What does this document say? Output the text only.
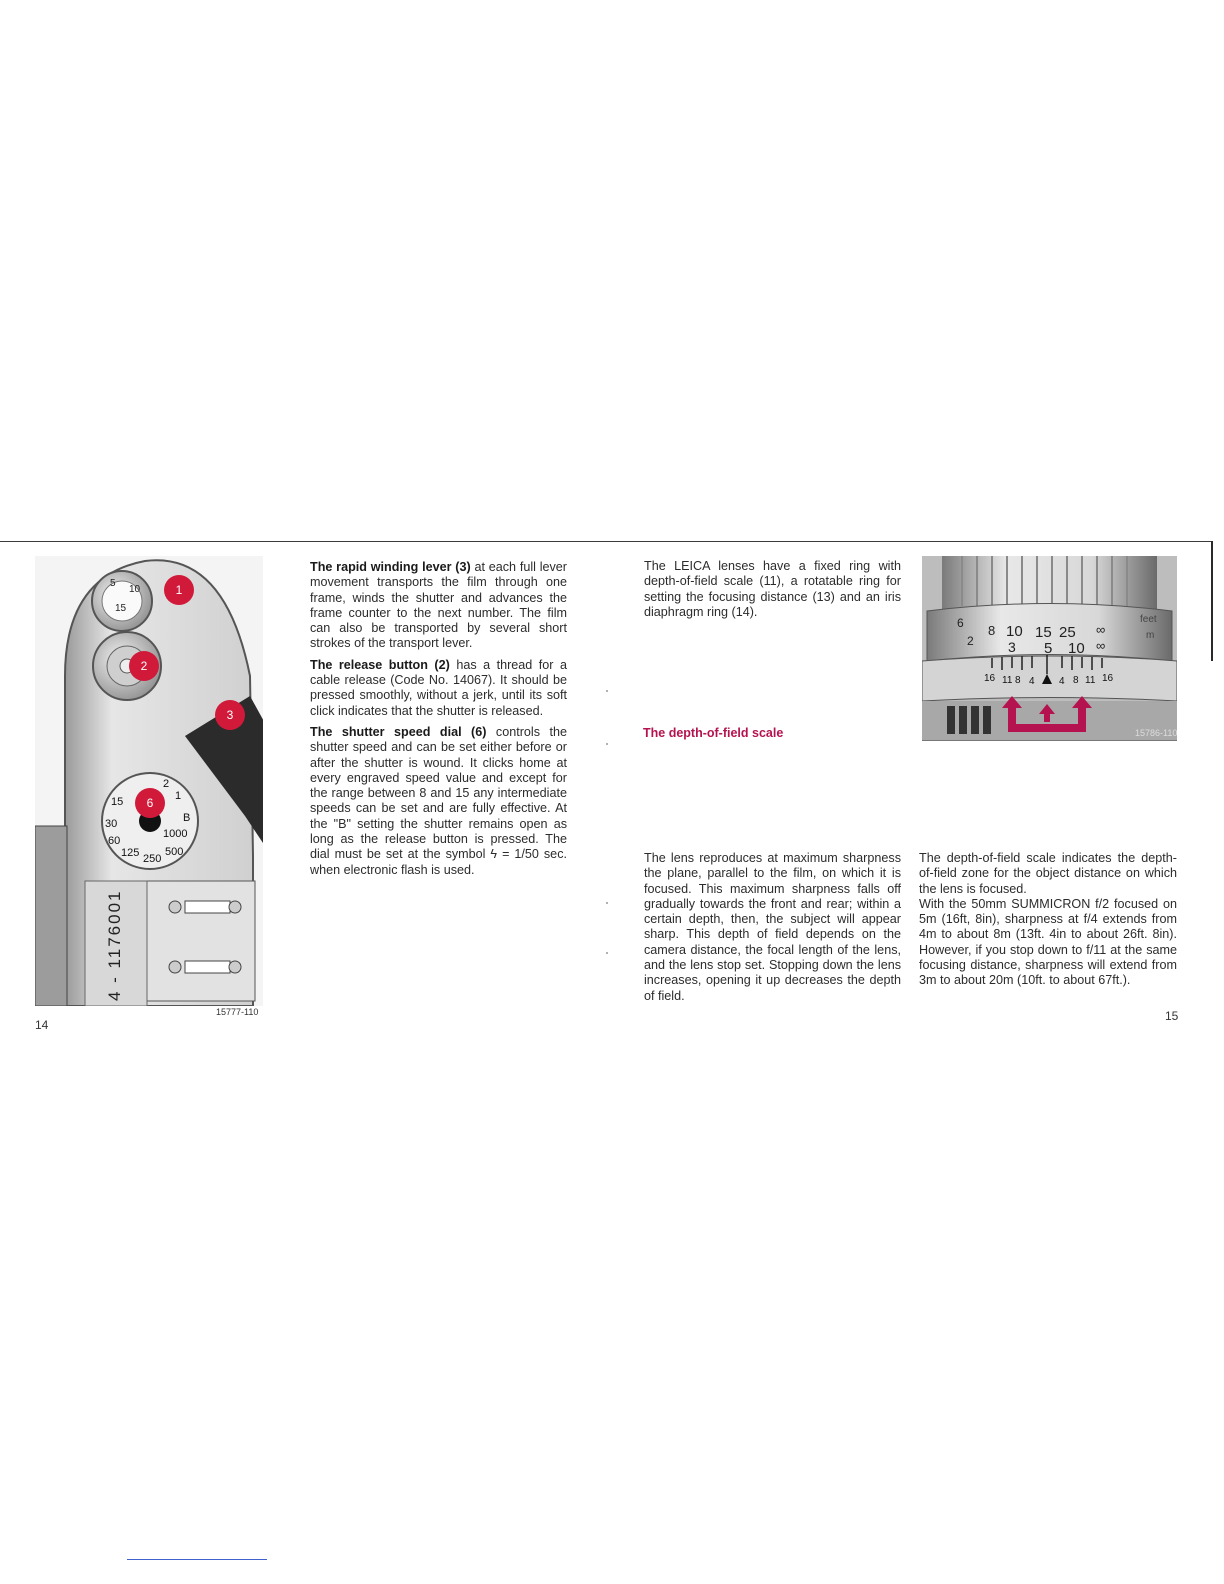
5
10
15
15
30
60
125 250
500
1000
B
1
2
4 - 1176001
1
2
3
6
15777-110

The rapid winding lever (3) at each full lever movement transports the film through one frame, winds the shutter and advances the frame counter to the next number. The film can also be transported by several short strokes of the transport lever.

The release button (2) has a thread for a cable release (Code No. 14067). It should be pressed smoothly, without a jerk, until its soft click indicates that the shutter is released.

The shutter speed dial (6) controls the shutter speed and can be set either before or after the shutter is wound. It clicks home at every engraved speed value and except for the range between 8 and 15 any intermediate speeds can be set and are fully effective. At the "B" setting the shutter remains open as long as the release button is pressed. The dial must be set at the symbol ϟ = 1/50 sec. when electronic flash is used.

14
The LEICA lenses have a fixed ring with depth-of-field scale (11), a rotatable ring for setting the focusing distance (13) and an iris diaphragm ring (14).
The depth-of-field scale
6 8 10 15 25 ∞
2 3 5 10 ∞
feet
m
16 11 8 4 4 8 11 16
15786-110

The lens reproduces at maximum sharpness the plane, parallel to the film, on which it is focused. This maximum sharpness falls off gradually towards the front and rear; within a certain depth, then, the subject will appear sharp. This depth of field depends on the camera distance, the focal length of the lens, and the lens stop set. Stopping down the lens increases, opening it up decreases the depth of field.

The depth-of-field scale indicates the depth-of-field zone for the object distance on which the lens is focused.

With the 50mm SUMMICRON f/2 focused on 5m (16ft, 8in), sharpness at f/4 extends from 4m to about 8m (13ft. 4in to about 26ft. 8in). However, if you stop down to f/11 at the same focusing distance, sharpness will extend from 3m to about 20m (10ft. to about 67ft.).

15
